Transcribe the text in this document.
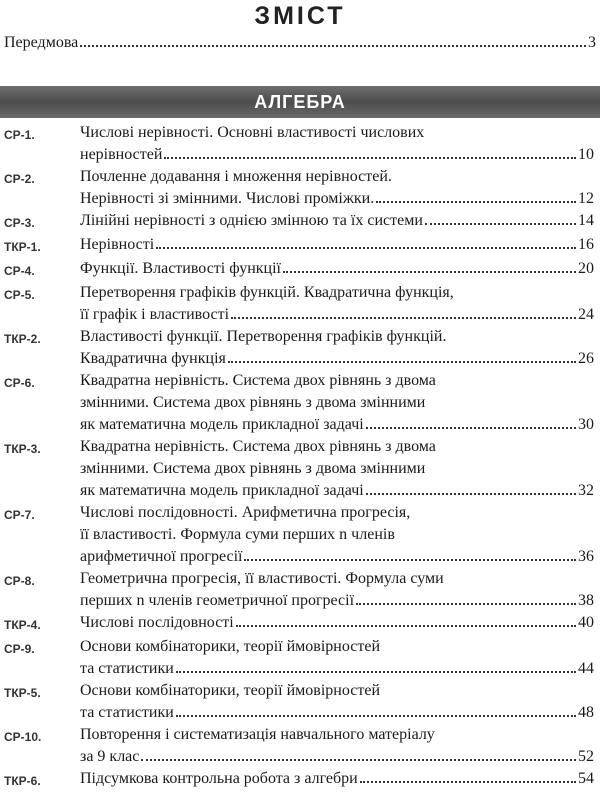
ЗМІСТ
Передмова	3
АЛГЕБРА
СР-1.	Числові нерівності. Основні властивості числових
нерівностей	10
СР-2.	Почленне додавання і множення нерівностей.
Нерівності зі змінними. Числові проміжки.	12
СР-3.	Лінійні нерівності з однією змінною та їх системи	14
ТКР-1.	Нерівності	16
СР-4.	Функції. Властивості функції	20
СР-5.	Перетворення графіків функцій. Квадратична функція,
її графік і властивості	24
ТКР-2.	Властивості функції. Перетворення графіків функцій.
Квадратична функція	26
СР-6.	Квадратна нерівність. Система двох рівнянь з двома
змінними. Система двох рівнянь з двома змінними
як математична модель прикладної задачі	30
ТКР-3.	Квадратна нерівність. Система двох рівнянь з двома
змінними. Система двох рівнянь з двома змінними
як математична модель прикладної задачі	32
СР-7.	Числові послідовності. Арифметична прогресія,
її властивості. Формула суми перших n членів
арифметичної прогресії	36
СР-8.	Геометрична прогресія, її властивості. Формула суми
перших n членів геометричної прогресії	38
ТКР-4.	Числові послідовності	40
СР-9.	Основи комбінаторики, теорії ймовірностей
та статистики	44
ТКР-5.	Основи комбінаторики, теорії ймовірностей
та статистики	48
СР-10.	Повторення і систематизація навчального матеріалу
за 9 клас	52
ТКР-6.	Підсумкова контрольна робота з алгебри	54
